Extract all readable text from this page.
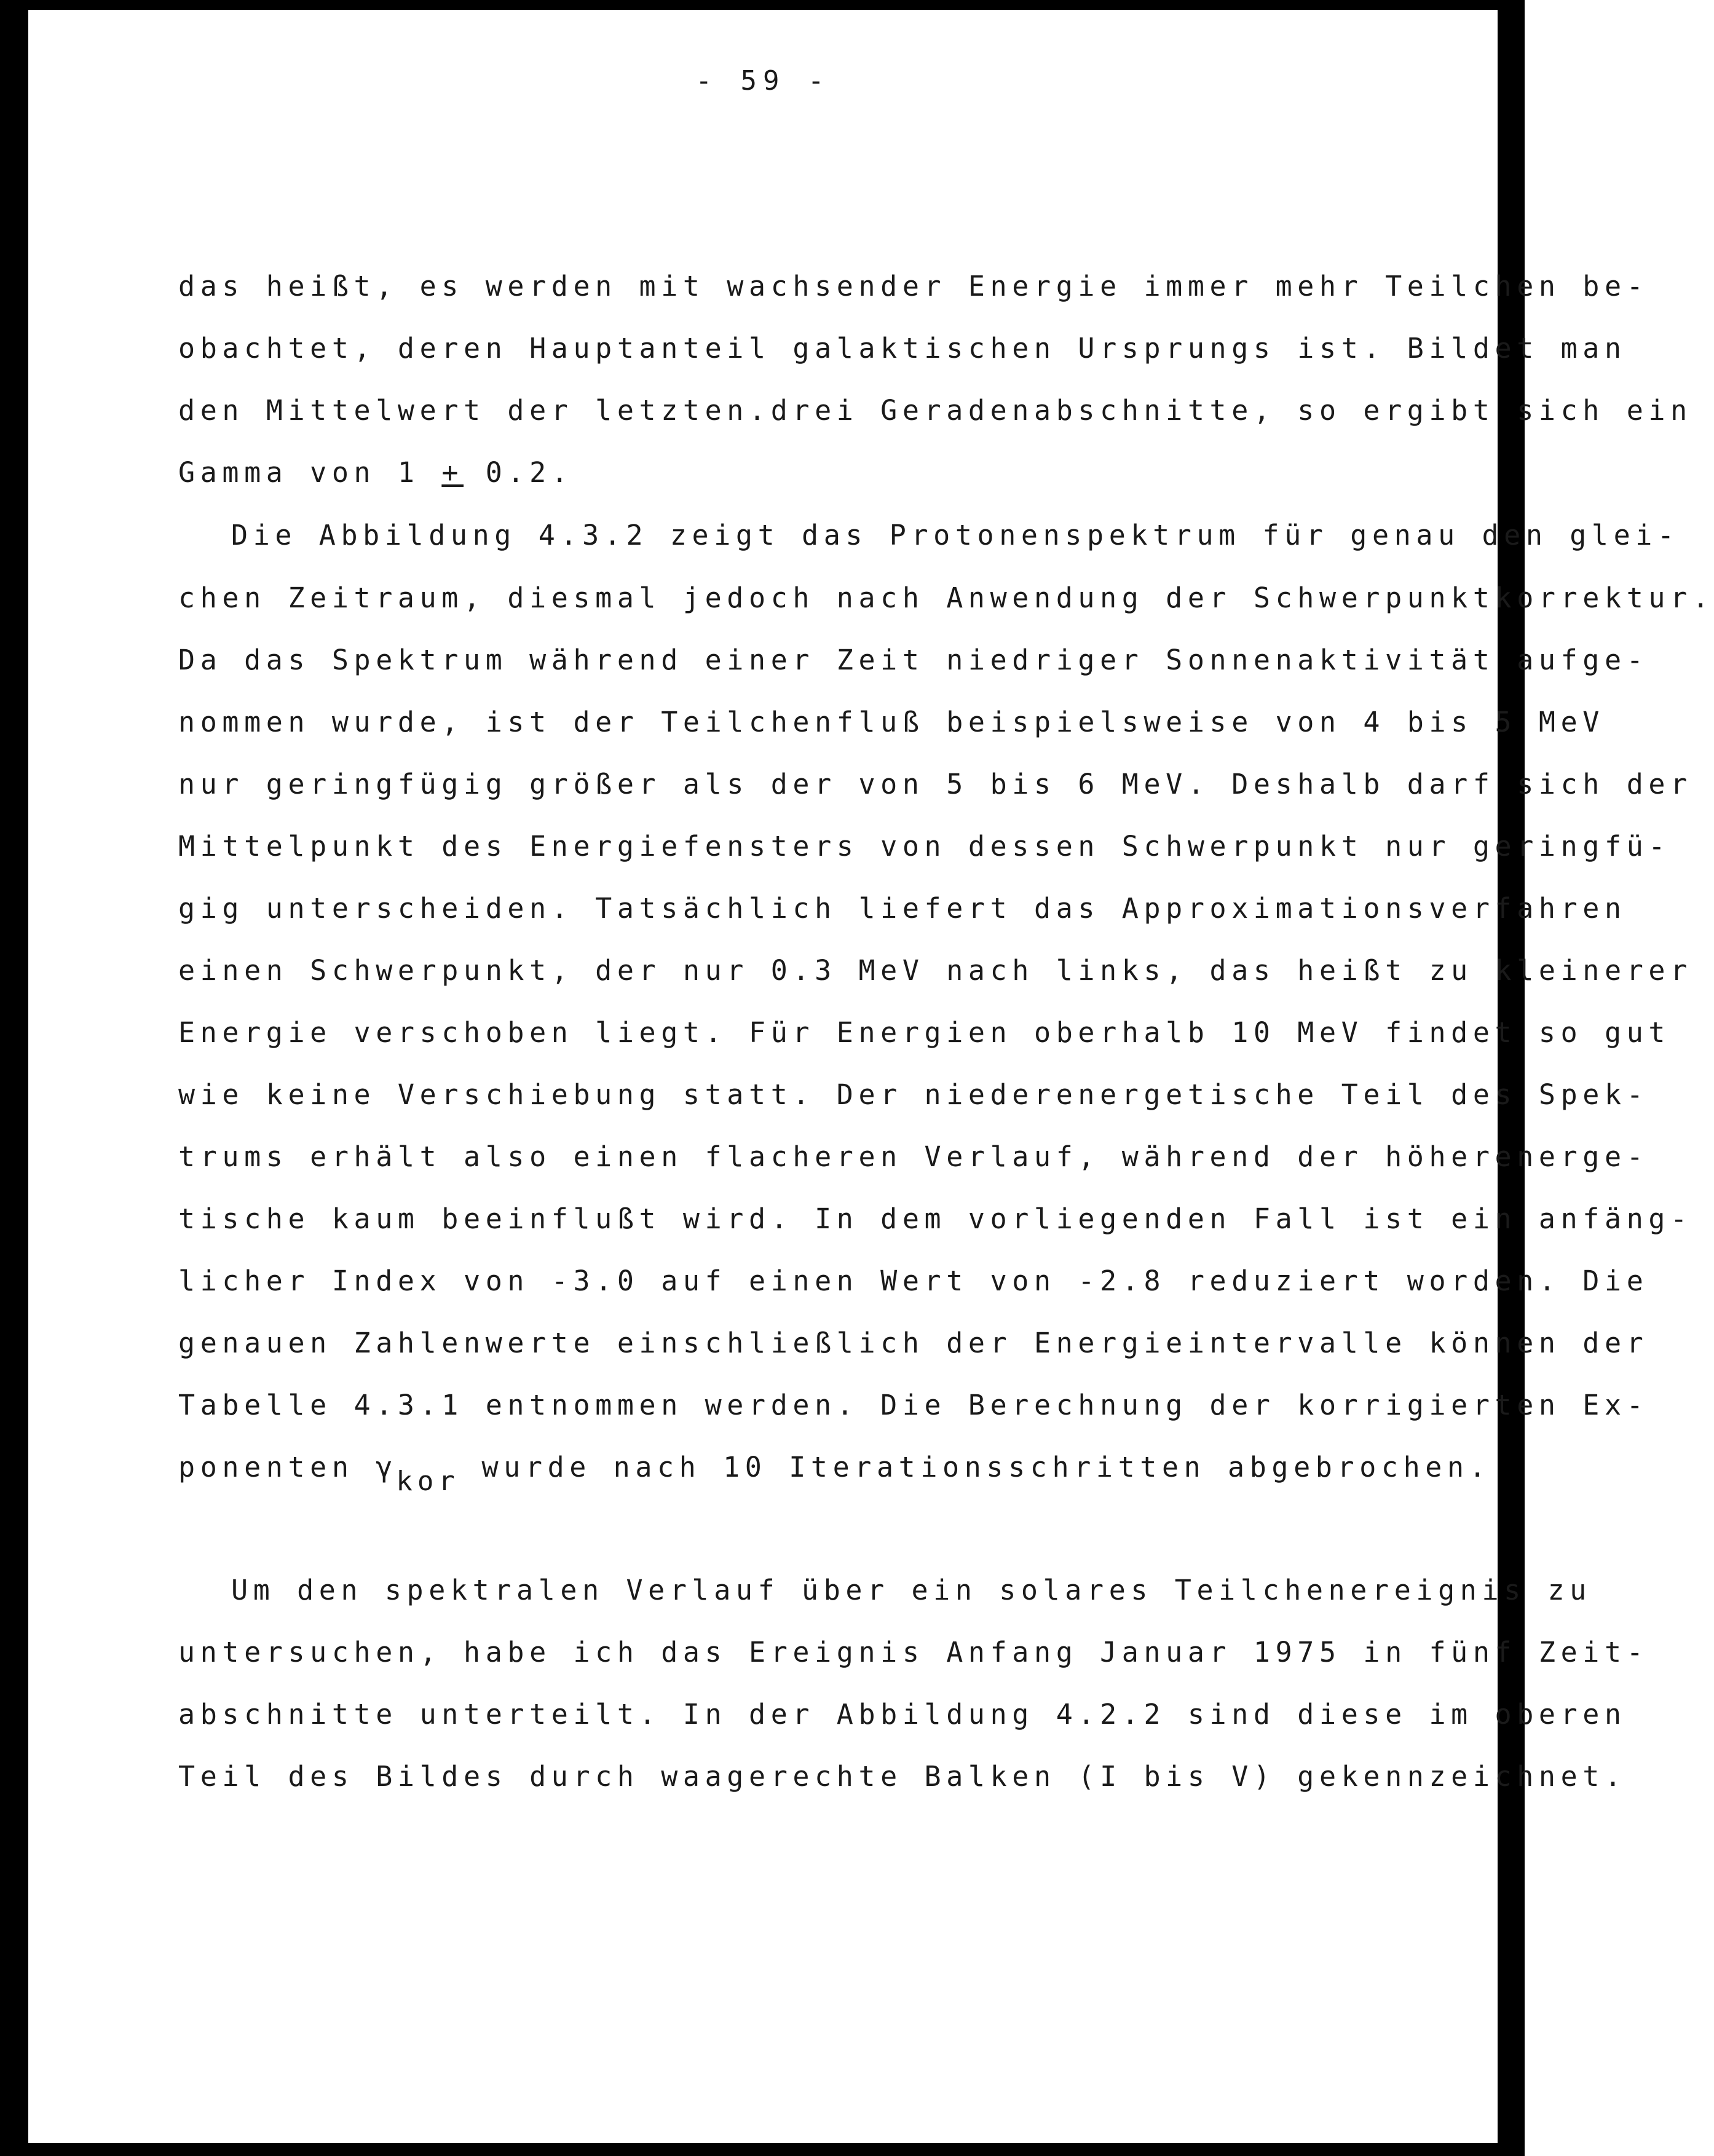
- 59 -
das heißt, es werden mit wachsender Energie immer mehr Teilchen be-
obachtet, deren Hauptanteil galaktischen Ursprungs ist. Bildet man
den Mittelwert der letzten.drei Geradenabschnitte, so ergibt sich ein
Gamma von 1 + 0.2.
Die Abbildung 4.3.2 zeigt das Protonenspektrum für genau den glei-
chen Zeitraum, diesmal jedoch nach Anwendung der Schwerpunktkorrektur.
Da das Spektrum während einer Zeit niedriger Sonnenaktivität aufge-
nommen wurde, ist der Teilchenfluß beispielsweise von 4 bis 5 MeV
nur geringfügig größer als der von 5 bis 6 MeV. Deshalb darf sich der
Mittelpunkt des Energiefensters von dessen Schwerpunkt nur geringfü-
gig unterscheiden. Tatsächlich liefert das Approximationsverfahren
einen Schwerpunkt, der nur 0.3 MeV nach links, das heißt zu kleinerer
Energie verschoben liegt. Für Energien oberhalb 10 MeV findet so gut
wie keine Verschiebung statt. Der niederenergetische Teil des Spek-
trums erhält also einen flacheren Verlauf, während der höherenerge-
tische kaum beeinflußt wird. In dem vorliegenden Fall ist ein anfäng-
licher Index von -3.0 auf einen Wert von -2.8 reduziert worden. Die
genauen Zahlenwerte einschließlich der Energieintervalle können der
Tabelle 4.3.1 entnommen werden. Die Berechnung der korrigierten Ex-
ponenten γkor wurde nach 10 Iterationsschritten abgebrochen.
Um den spektralen Verlauf über ein solares Teilchenereignis zu
untersuchen, habe ich das Ereignis Anfang Januar 1975 in fünf Zeit-
abschnitte unterteilt. In der Abbildung 4.2.2 sind diese im oberen
Teil des Bildes durch waagerechte Balken (I bis V) gekennzeichnet.
